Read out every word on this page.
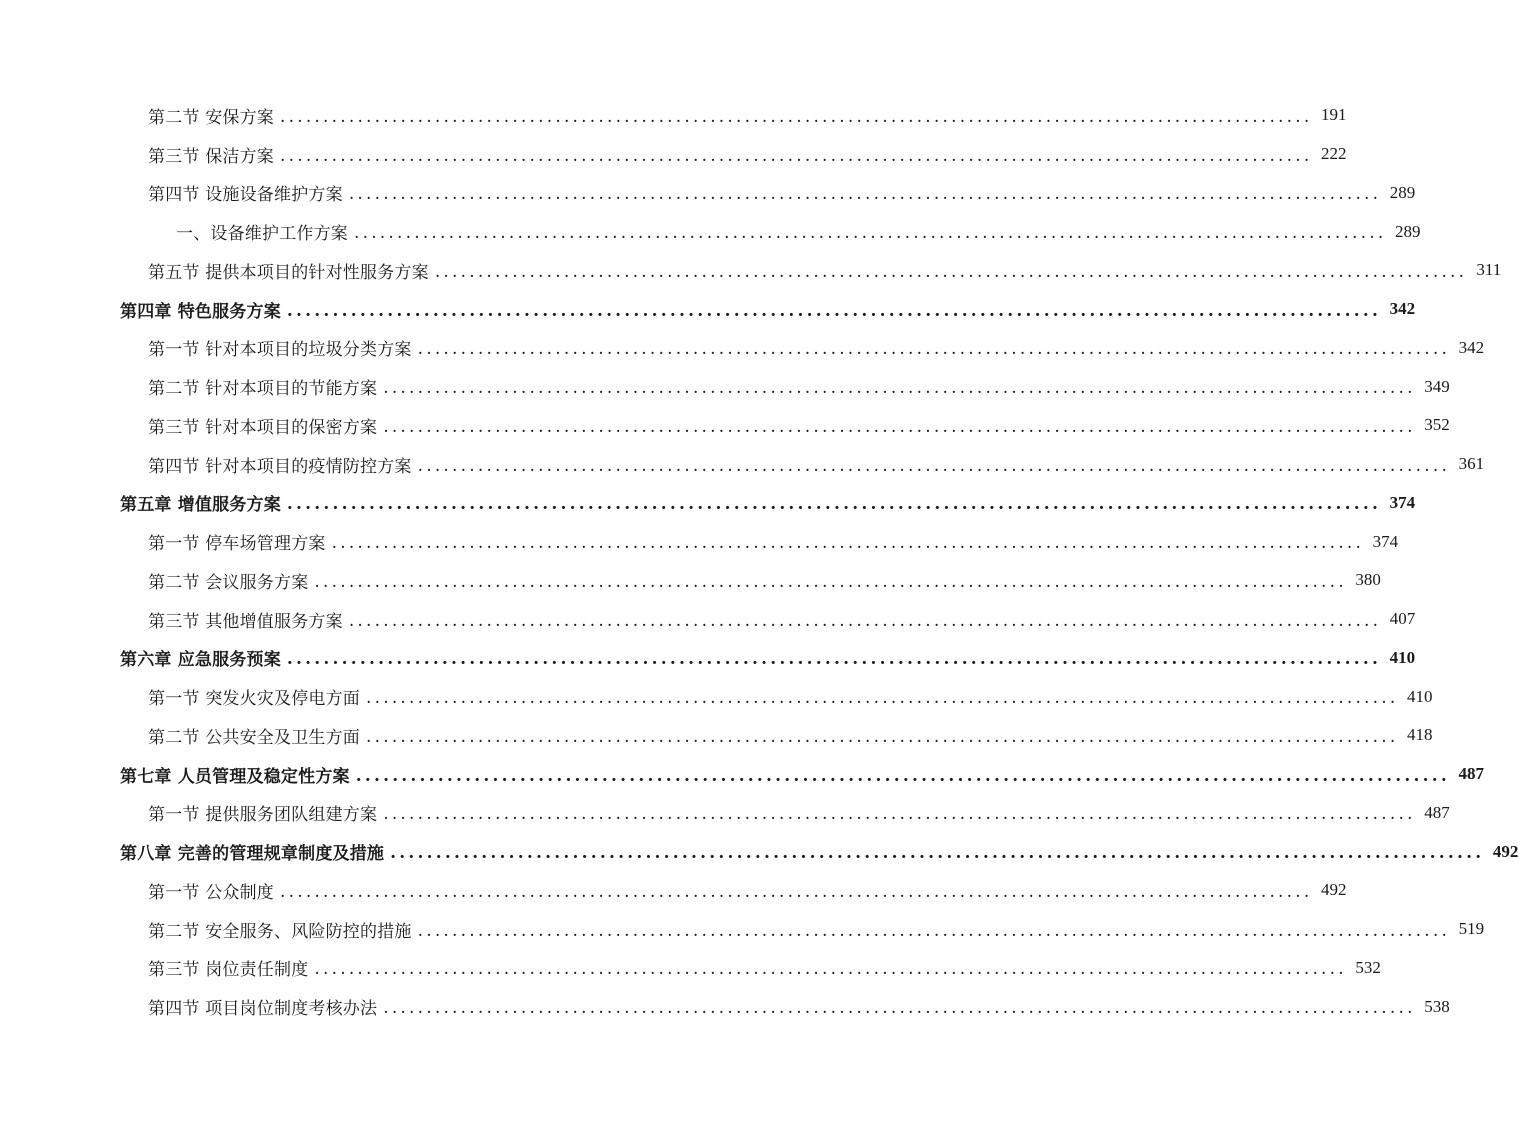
第二节 安保方案 ........................................................................................................................ 191
第三节 保洁方案 ........................................................................................................................ 222
第四节 设施设备维护方案 ........................................................................................................................ 289
一、设备维护工作方案 ........................................................................................................................ 289
第五节 提供本项目的针对性服务方案 ........................................................................................................................ 311
第四章 特色服务方案 ........................................................................................................................ 342
第一节 针对本项目的垃圾分类方案 ........................................................................................................................ 342
第二节 针对本项目的节能方案 ........................................................................................................................ 349
第三节 针对本项目的保密方案 ........................................................................................................................ 352
第四节 针对本项目的疫情防控方案 ........................................................................................................................ 361
第五章 增值服务方案 ........................................................................................................................ 374
第一节 停车场管理方案 ........................................................................................................................ 374
第二节 会议服务方案 ........................................................................................................................ 380
第三节 其他增值服务方案 ........................................................................................................................ 407
第六章 应急服务预案 ........................................................................................................................ 410
第一节 突发火灾及停电方面 ........................................................................................................................ 410
第二节 公共安全及卫生方面 ........................................................................................................................ 418
第七章 人员管理及稳定性方案 ........................................................................................................................ 487
第一节 提供服务团队组建方案 ........................................................................................................................ 487
第八章 完善的管理规章制度及措施 ........................................................................................................................ 492
第一节 公众制度 ........................................................................................................................ 492
第二节 安全服务、风险防控的措施 ........................................................................................................................ 519
第三节 岗位责任制度 ........................................................................................................................ 532
第四节 项目岗位制度考核办法 ........................................................................................................................ 538
